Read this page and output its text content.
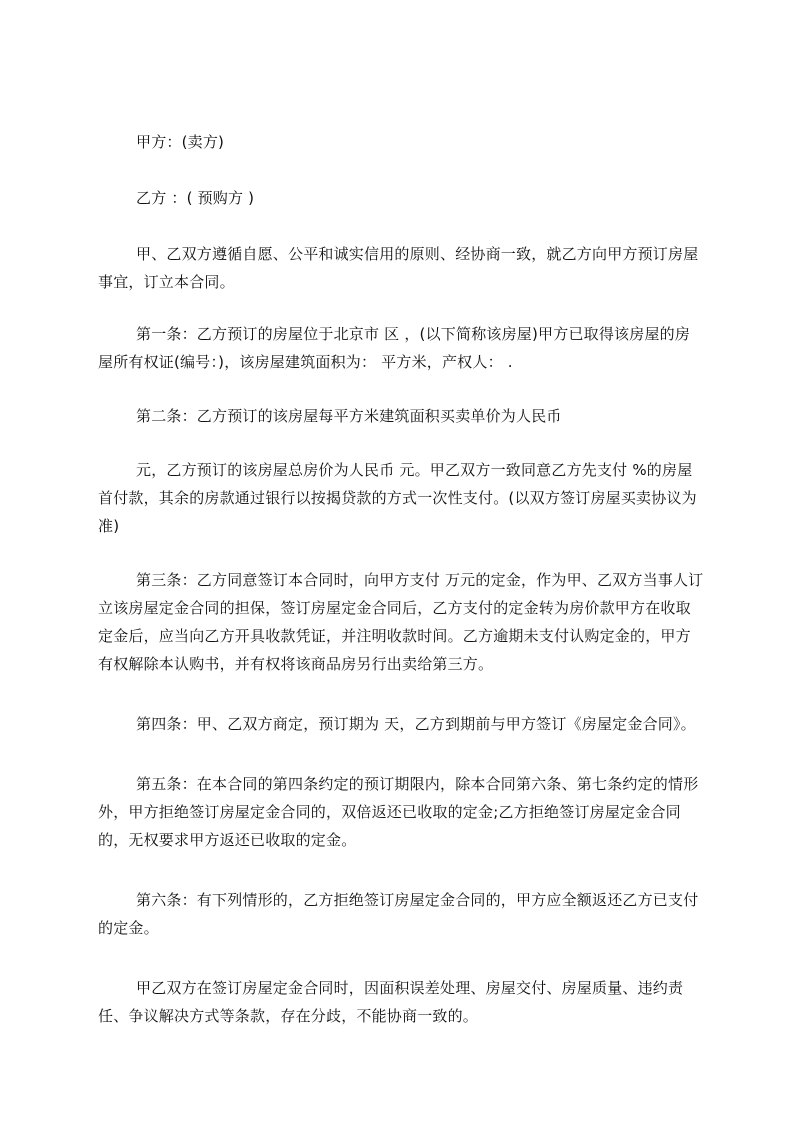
甲方：(卖方)

乙方 ：( 预购方 )

甲、乙双方遵循自愿、公平和诚实信用的原则、经协商一致，就乙方向甲方预订房屋事宜，订立本合同。

第一条：乙方预订的房屋位于北京市 区 ，(以下简称该房屋)甲方已取得该房屋的房屋所有权证(编号：)，该房屋建筑面积为： 平方米，产权人： .

第二条：乙方预订的该房屋每平方米建筑面积买卖单价为人民币

元，乙方预订的该房屋总房价为人民币 元。甲乙双方一致同意乙方先支付 %的房屋首付款，其余的房款通过银行以按揭贷款的方式一次性支付。(以双方签订房屋买卖协议为准)

第三条：乙方同意签订本合同时，向甲方支付 万元的定金，作为甲、乙双方当事人订立该房屋定金合同的担保，签订房屋定金合同后，乙方支付的定金转为房价款甲方在收取定金后，应当向乙方开具收款凭证，并注明收款时间。乙方逾期未支付认购定金的，甲方有权解除本认购书，并有权将该商品房另行出卖给第三方。

第四条：甲、乙双方商定，预订期为 天，乙方到期前与甲方签订《房屋定金合同》。

第五条：在本合同的第四条约定的预订期限内，除本合同第六条、第七条约定的情形外，甲方拒绝签订房屋定金合同的，双倍返还已收取的定金;乙方拒绝签订房屋定金合同的，无权要求甲方返还已收取的定金。

第六条：有下列情形的，乙方拒绝签订房屋定金合同的，甲方应全额返还乙方已支付的定金。

甲乙双方在签订房屋定金合同时，因面积误差处理、房屋交付、房屋质量、违约责任、争议解决方式等条款，存在分歧，不能协商一致的。
